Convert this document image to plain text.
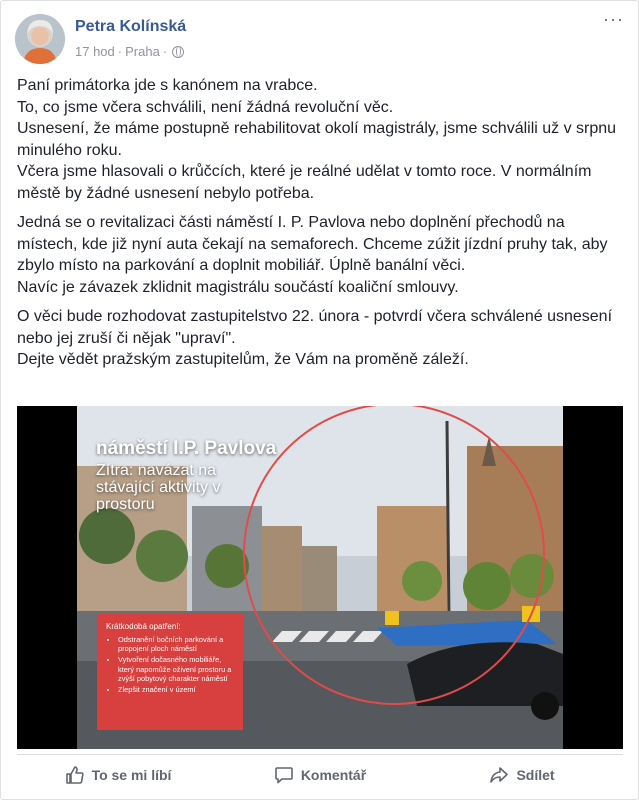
Petra Kolínská
17 hod · Praha ·
···

Paní primátorka jde s kanónem na vrabce.
To, co jsme včera schválili, není žádná revoluční věc.
Usnesení, že máme postupně rehabilitovat okolí magistrály, jsme schválili už v srpnu minulého roku.
Včera jsme hlasovali o krůčcích, které je reálné udělat v tomto roce. V normálním městě by žádné usnesení nebylo potřeba.

Jedná se o revitalizaci části náměstí I. P. Pavlova nebo doplnění přechodů na místech, kde již nyní auta čekají na semaforech. Chceme zúžit jízdní pruhy tak, aby zbylo místo na parkování a doplnit mobiliář. Úplně banální věci.
Navíc je závazek zklidnit magistrálu součástí koaliční smlouvy.

O věci bude rozhodovat zastupitelstvo 22. února - potvrdí včera schválené usnesení nebo jej zruší či nějak "upraví".
Dejte vědět pražským zastupitelům, že Vám na proměně záleží.

náměstí I.P. Pavlova
Zítra: navázat na stávající aktivity v prostoru
Krátkodobá opatření:
• Odstranění bočních parkování a propojení ploch náměstí
• Vytvoření dočasného mobiliáře, který napomůže oživení prostoru a zvýší pobytový charakter náměstí
• Zlepšit značení v území
To se mi líbí	Komentář	Sdílet
